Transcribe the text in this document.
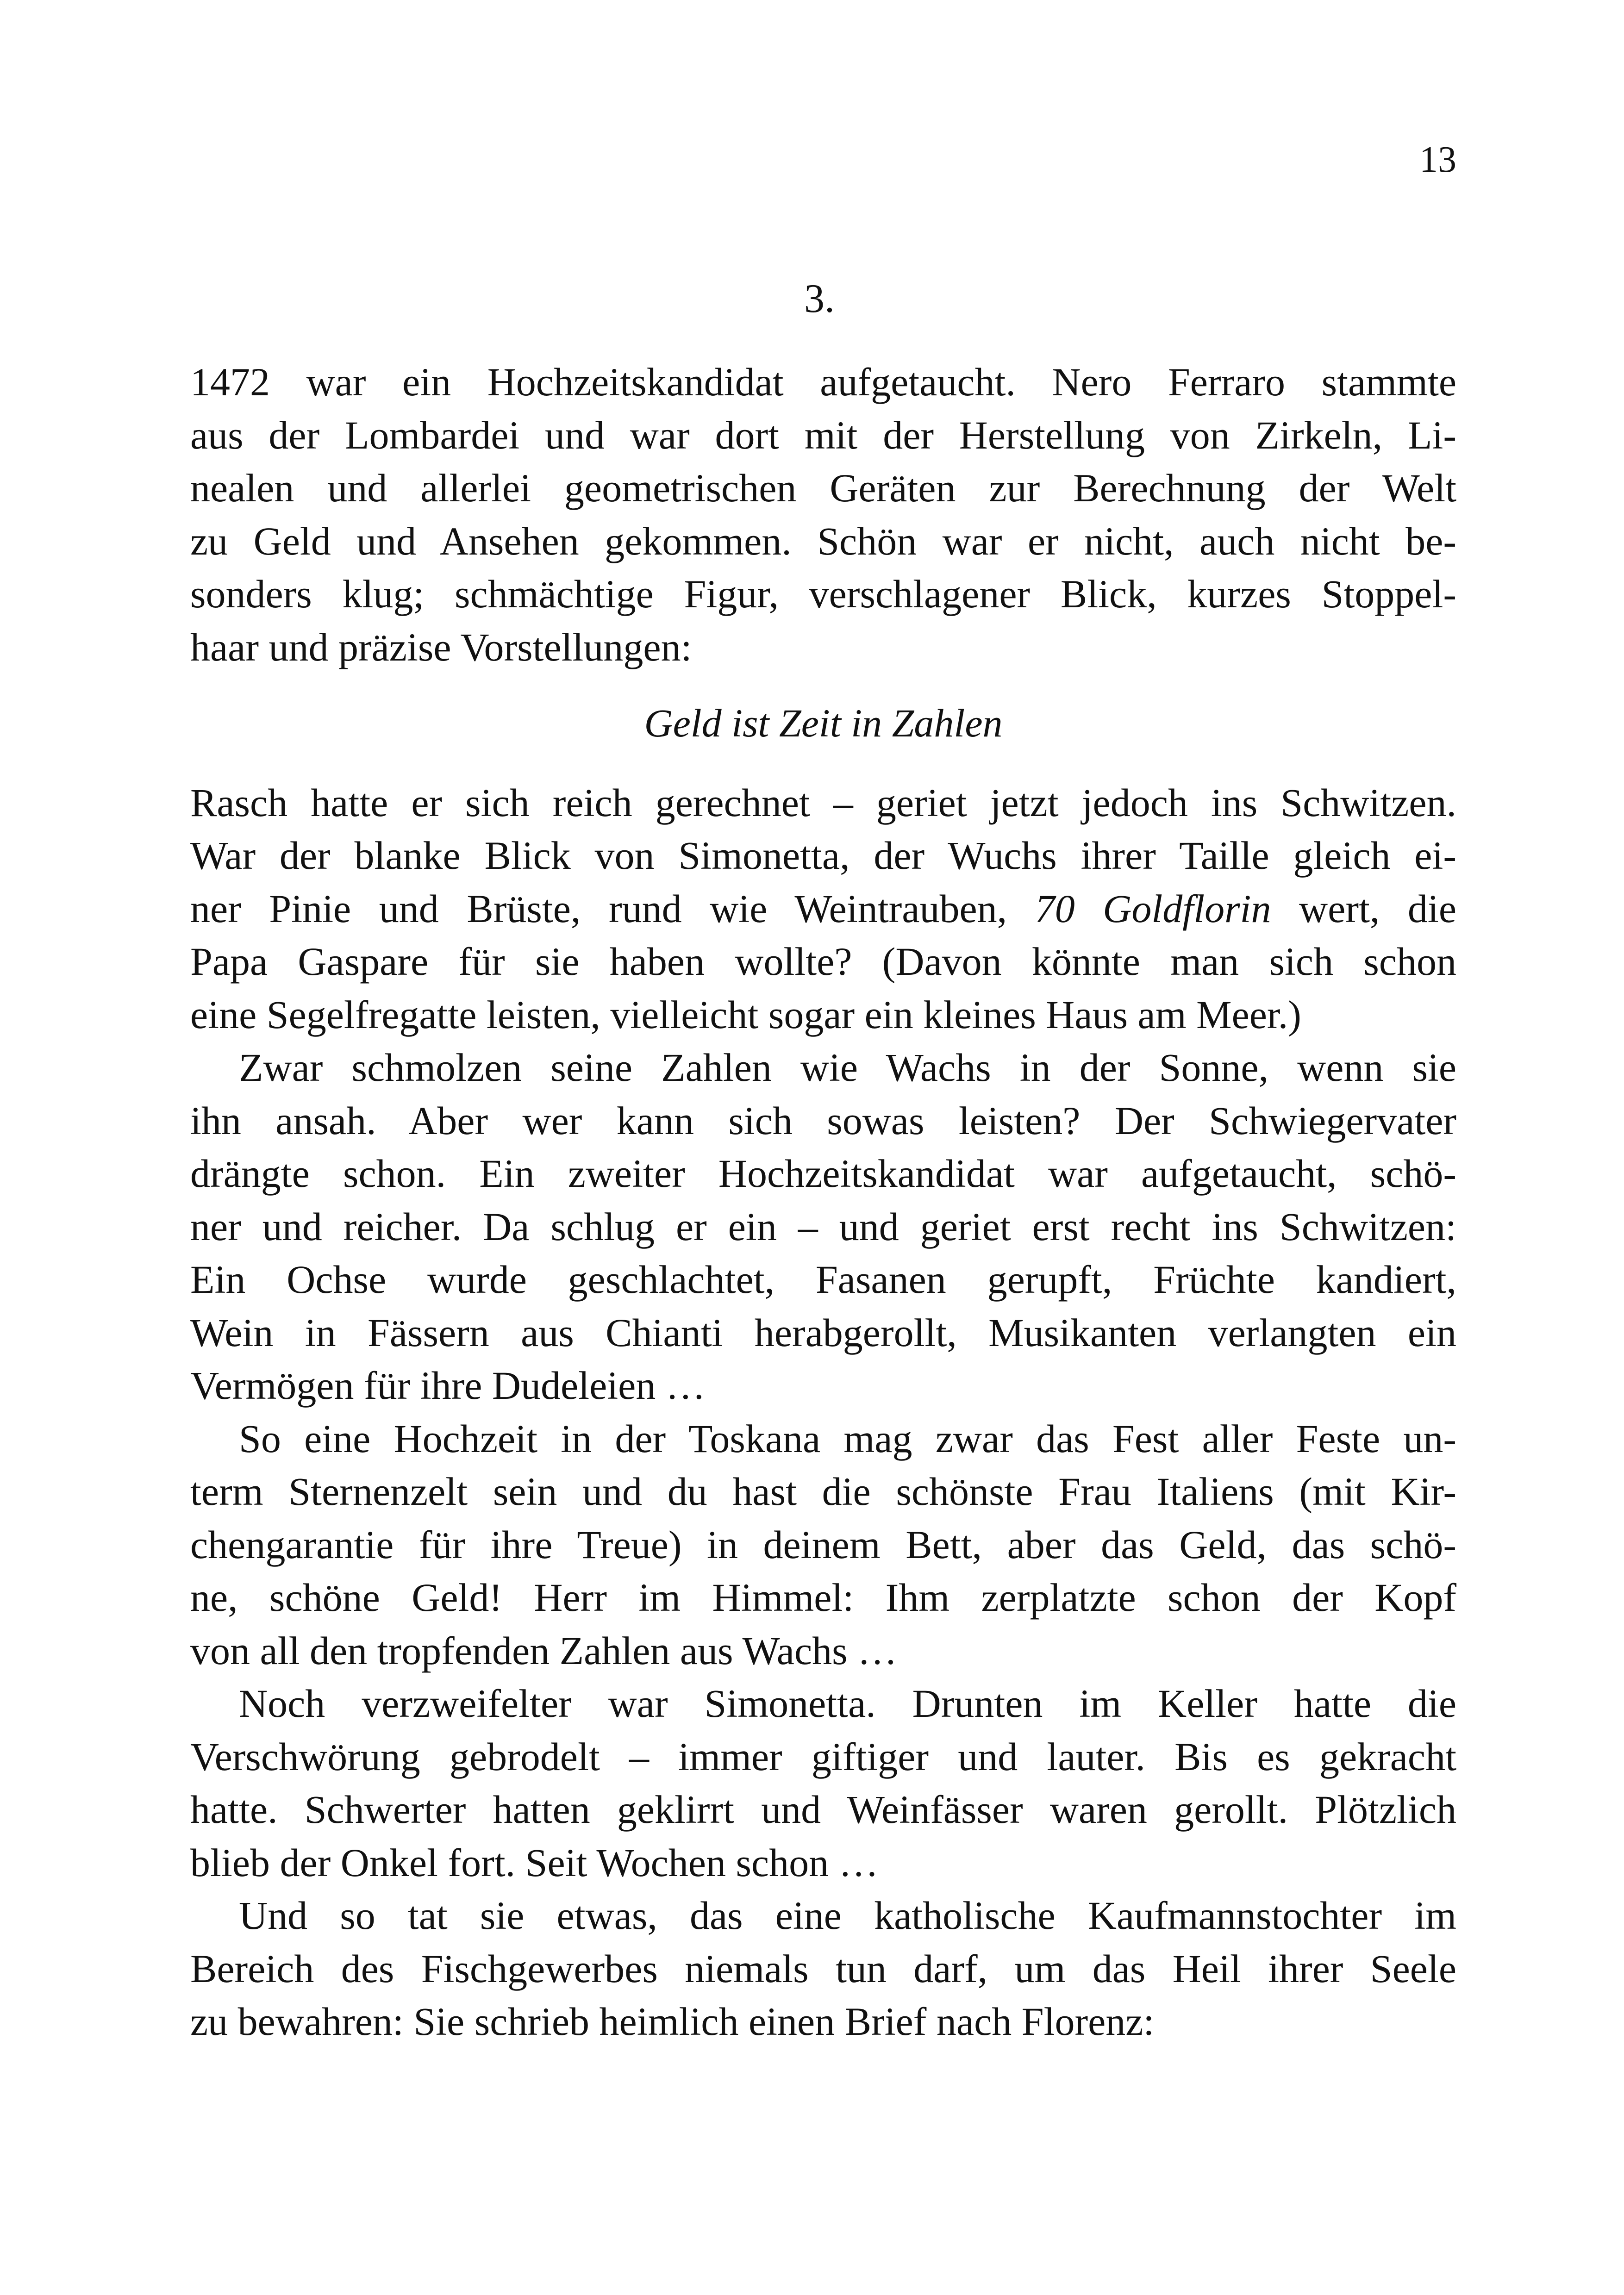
13
3.
1472 war ein Hochzeitskandidat aufgetaucht. Nero Ferraro stammte
aus der Lombardei und war dort mit der Herstellung von Zirkeln, Li-
nealen und allerlei geometrischen Geräten zur Berechnung der Welt
zu Geld und Ansehen gekommen. Schön war er nicht, auch nicht be-
sonders klug; schmächtige Figur, verschlagener Blick, kurzes Stoppel-
haar und präzise Vorstellungen:
Geld ist Zeit in Zahlen
Rasch hatte er sich reich gerechnet – geriet jetzt jedoch ins Schwitzen.
War der blanke Blick von Simonetta, der Wuchs ihrer Taille gleich ei-
ner Pinie und Brüste, rund wie Weintrauben, 70 Goldflorin wert, die
Papa Gaspare für sie haben wollte? (Davon könnte man sich schon
eine Segelfregatte leisten, vielleicht sogar ein kleines Haus am Meer.)
Zwar schmolzen seine Zahlen wie Wachs in der Sonne, wenn sie
ihn ansah. Aber wer kann sich sowas leisten? Der Schwiegervater
drängte schon. Ein zweiter Hochzeitskandidat war aufgetaucht, schö-
ner und reicher. Da schlug er ein – und geriet erst recht ins Schwitzen:
Ein Ochse wurde geschlachtet, Fasanen gerupft, Früchte kandiert,
Wein in Fässern aus Chianti herabgerollt, Musikanten verlangten ein
Vermögen für ihre Dudeleien …
So eine Hochzeit in der Toskana mag zwar das Fest aller Feste un-
term Sternenzelt sein und du hast die schönste Frau Italiens (mit Kir-
chengarantie für ihre Treue) in deinem Bett, aber das Geld, das schö-
ne, schöne Geld! Herr im Himmel: Ihm zerplatzte schon der Kopf
von all den tropfenden Zahlen aus Wachs …
Noch verzweifelter war Simonetta. Drunten im Keller hatte die
Verschwörung gebrodelt – immer giftiger und lauter. Bis es gekracht
hatte. Schwerter hatten geklirrt und Weinfässer waren gerollt. Plötzlich
blieb der Onkel fort. Seit Wochen schon …
Und so tat sie etwas, das eine katholische Kaufmannstochter im
Bereich des Fischgewerbes niemals tun darf, um das Heil ihrer Seele
zu bewahren: Sie schrieb heimlich einen Brief nach Florenz:
